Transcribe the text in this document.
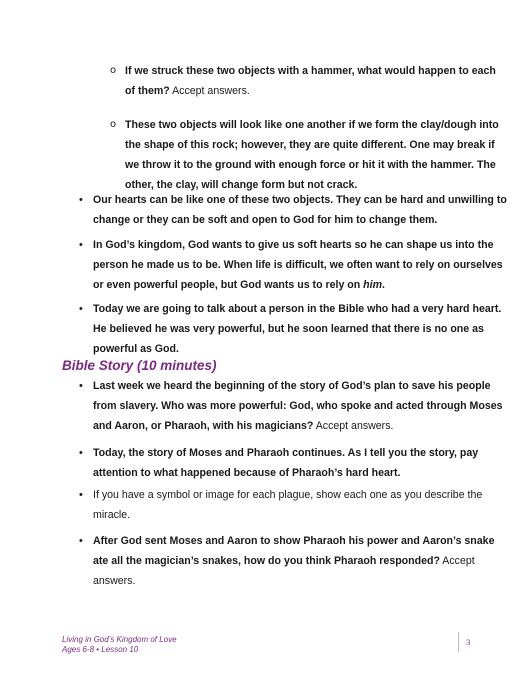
o If we struck these two objects with a hammer, what would happen to each of them? Accept answers.
o These two objects will look like one another if we form the clay/dough into the shape of this rock; however, they are quite different. One may break if we throw it to the ground with enough force or hit it with the hammer. The other, the clay, will change form but not crack.
• Our hearts can be like one of these two objects. They can be hard and unwilling to change or they can be soft and open to God for him to change them.
• In God’s kingdom, God wants to give us soft hearts so he can shape us into the person he made us to be. When life is difficult, we often want to rely on ourselves or even powerful people, but God wants us to rely on him.
• Today we are going to talk about a person in the Bible who had a very hard heart. He believed he was very powerful, but he soon learned that there is no one as powerful as God.
Bible Story (10 minutes)
• Last week we heard the beginning of the story of God’s plan to save his people from slavery. Who was more powerful: God, who spoke and acted through Moses and Aaron, or Pharaoh, with his magicians? Accept answers.
• Today, the story of Moses and Pharaoh continues. As I tell you the story, pay attention to what happened because of Pharaoh’s hard heart.
• If you have a symbol or image for each plague, show each one as you describe the miracle.
• After God sent Moses and Aaron to show Pharaoh his power and Aaron’s snake ate all the magician’s snakes, how do you think Pharaoh responded? Accept answers.
Living in God’s Kingdom of Love
Ages 6-8 • Lesson 10
3
